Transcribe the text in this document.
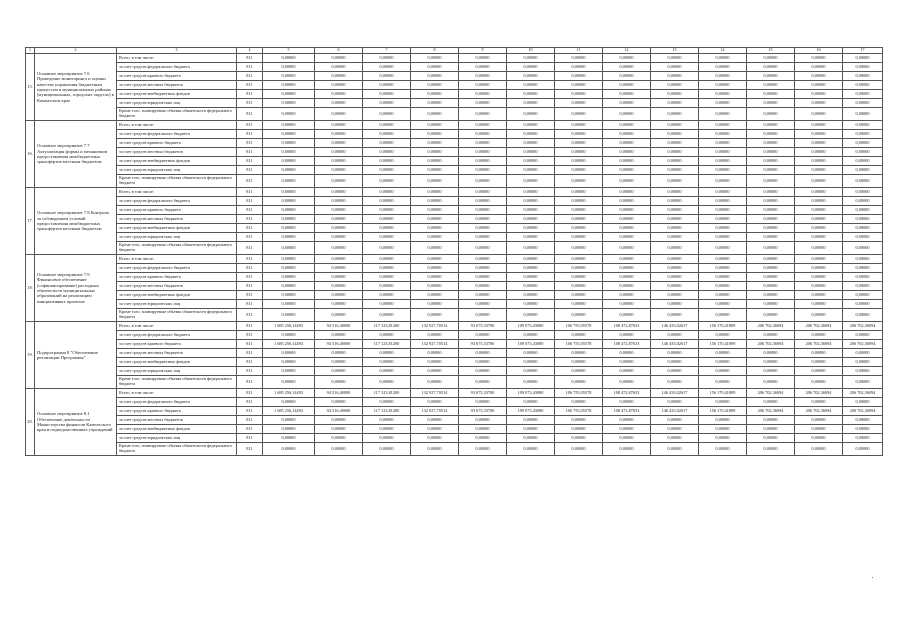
1	2	3	4	5	6	7	8	9	10	11	12	13	14	15	16	17
15.	Основное мероприятие 7.6 Проведение мониторинга и оценки качества управления бюджетным процессом в муниципальных районах (муниципальных, городских округах) в Камчатском крае	Всего, в том числе:	811	0,00000	0,00000	0,00000	0,00000	0,00000	0,00000	0,00000	0,00000	0,00000	0,00000	0,00000	0,00000	0,00000
		за счет средств федерального бюджета	811	0,00000	0,00000	0,00000	0,00000	0,00000	0,00000	0,00000	0,00000	0,00000	0,00000	0,00000	0,00000	0,00000
		за счет средств краевого бюджета	811	0,00000	0,00000	0,00000	0,00000	0,00000	0,00000	0,00000	0,00000	0,00000	0,00000	0,00000	0,00000	0,00000
		за счет средств местных бюджетов	811	0,00000	0,00000	0,00000	0,00000	0,00000	0,00000	0,00000	0,00000	0,00000	0,00000	0,00000	0,00000	0,00000
		за счет средств внебюджетных фондов	811	0,00000	0,00000	0,00000	0,00000	0,00000	0,00000	0,00000	0,00000	0,00000	0,00000	0,00000	0,00000	0,00000
		за счет средств юридических лиц	811	0,00000	0,00000	0,00000	0,00000	0,00000	0,00000	0,00000	0,00000	0,00000	0,00000	0,00000	0,00000	0,00000
		Кроме того, планируемые объемы обязательств федерального бюджета	811	0,00000	0,00000	0,00000	0,00000	0,00000	0,00000	0,00000	0,00000	0,00000	0,00000	0,00000	0,00000	0,00000
16.	Основное мероприятие 7.7 Актуализация формы и механизмов предоставления межбюджетных трансфертов местным бюджетам	Всего, в том числе:	811	0,00000	0,00000	0,00000	0,00000	0,00000	0,00000	0,00000	0,00000	0,00000	0,00000	0,00000	0,00000	0,00000
		за счет средств федерального бюджета	811	0,00000	0,00000	0,00000	0,00000	0,00000	0,00000	0,00000	0,00000	0,00000	0,00000	0,00000	0,00000	0,00000
		за счет средств краевого бюджета	811	0,00000	0,00000	0,00000	0,00000	0,00000	0,00000	0,00000	0,00000	0,00000	0,00000	0,00000	0,00000	0,00000
		за счет средств местных бюджетов	811	0,00000	0,00000	0,00000	0,00000	0,00000	0,00000	0,00000	0,00000	0,00000	0,00000	0,00000	0,00000	0,00000
		за счет средств внебюджетных фондов	811	0,00000	0,00000	0,00000	0,00000	0,00000	0,00000	0,00000	0,00000	0,00000	0,00000	0,00000	0,00000	0,00000
		за счет средств юридических лиц	811	0,00000	0,00000	0,00000	0,00000	0,00000	0,00000	0,00000	0,00000	0,00000	0,00000	0,00000	0,00000	0,00000
		Кроме того, планируемые объемы обязательств федерального бюджета	811	0,00000	0,00000	0,00000	0,00000	0,00000	0,00000	0,00000	0,00000	0,00000	0,00000	0,00000	0,00000	0,00000
17.	Основное мероприятие 7.8 Контроль за соблюдением условий предоставления межбюджетных трансфертов местным бюджетам	Всего, в том числе:	811	0,00000	0,00000	0,00000	0,00000	0,00000	0,00000	0,00000	0,00000	0,00000	0,00000	0,00000	0,00000	0,00000
		за счет средств федерального бюджета	811	0,00000	0,00000	0,00000	0,00000	0,00000	0,00000	0,00000	0,00000	0,00000	0,00000	0,00000	0,00000	0,00000
		за счет средств краевого бюджета	811	0,00000	0,00000	0,00000	0,00000	0,00000	0,00000	0,00000	0,00000	0,00000	0,00000	0,00000	0,00000	0,00000
		за счет средств местных бюджетов	811	0,00000	0,00000	0,00000	0,00000	0,00000	0,00000	0,00000	0,00000	0,00000	0,00000	0,00000	0,00000	0,00000
		за счет средств внебюджетных фондов	811	0,00000	0,00000	0,00000	0,00000	0,00000	0,00000	0,00000	0,00000	0,00000	0,00000	0,00000	0,00000	0,00000
		за счет средств юридических лиц	811	0,00000	0,00000	0,00000	0,00000	0,00000	0,00000	0,00000	0,00000	0,00000	0,00000	0,00000	0,00000	0,00000
		Кроме того, планируемые объемы обязательств федерального бюджета	811	0,00000	0,00000	0,00000	0,00000	0,00000	0,00000	0,00000	0,00000	0,00000	0,00000	0,00000	0,00000	0,00000
18.	Основное мероприятие 7.9 Финансовое обеспечение (софинансирование) расходных обязательств муниципальных образований на реализацию инициативных проектов	Всего, в том числе:	811	0,00000	0,00000	0,00000	0,00000	0,00000	0,00000	0,00000	0,00000	0,00000	0,00000	0,00000	0,00000	0,00000
		за счет средств федерального бюджета	811	0,00000	0,00000	0,00000	0,00000	0,00000	0,00000	0,00000	0,00000	0,00000	0,00000	0,00000	0,00000	0,00000
		за счет средств краевого бюджета	811	0,00000	0,00000	0,00000	0,00000	0,00000	0,00000	0,00000	0,00000	0,00000	0,00000	0,00000	0,00000	0,00000
		за счет средств местных бюджетов	811	0,00000	0,00000	0,00000	0,00000	0,00000	0,00000	0,00000	0,00000	0,00000	0,00000	0,00000	0,00000	0,00000
		за счет средств внебюджетных фондов	811	0,00000	0,00000	0,00000	0,00000	0,00000	0,00000	0,00000	0,00000	0,00000	0,00000	0,00000	0,00000	0,00000
		за счет средств юридических лиц	811	0,00000	0,00000	0,00000	0,00000	0,00000	0,00000	0,00000	0,00000	0,00000	0,00000	0,00000	0,00000	0,00000
		Кроме того, планируемые объемы обязательств федерального бюджета	811	0,00000	0,00000	0,00000	0,00000	0,00000	0,00000	0,00000	0,00000	0,00000	0,00000	0,00000	0,00000	0,00000
19.	Подпрограмма 8 "Обеспечение реализации Программы"	Всего, в том числе:	811	1 685 256,14493	94 516,40000	117 123,81200	132 927,70514	93 675,33700	109 073,43080	106 755,05578	108 472,87633	146 433,02617	156 170,41889	206 702,36094	206 702,36094	206 702,36094
		за счет средств федерального бюджета	811	0,00000	0,00000	0,00000	0,00000	0,00000	0,00000	0,00000	0,00000	0,00000	0,00000	0,00000	0,00000	0,00000
		за счет средств краевого бюджета	811	1 685 256,14493	94 516,40000	117 123,81200	132 927,70514	93 675,33700	109 073,43080	106 755,05578	108 472,87633	146 433,02617	156 170,41889	206 702,36094	206 702,36094	206 702,36094
		за счет средств местных бюджетов	811	0,00000	0,00000	0,00000	0,00000	0,00000	0,00000	0,00000	0,00000	0,00000	0,00000	0,00000	0,00000	0,00000
		за счет средств внебюджетных фондов	811	0,00000	0,00000	0,00000	0,00000	0,00000	0,00000	0,00000	0,00000	0,00000	0,00000	0,00000	0,00000	0,00000
		за счет средств юридических лиц	811	0,00000	0,00000	0,00000	0,00000	0,00000	0,00000	0,00000	0,00000	0,00000	0,00000	0,00000	0,00000	0,00000
		Кроме того, планируемые объемы обязательств федерального бюджета	811	0,00000	0,00000	0,00000	0,00000	0,00000	0,00000	0,00000	0,00000	0,00000	0,00000	0,00000	0,00000	0,00000
20.	Основное мероприятие 8.1 Обеспечение деятельности Министерства финансов Камчатского края и подведомственных учреждений	Всего, в том числе:	811	1 685 256,14493	94 516,40000	117 123,81200	132 927,70514	93 675,33700	109 073,43080	106 755,05578	108 472,87633	146 433,02617	156 170,41889	206 702,36094	206 702,36094	206 702,36094
		за счет средств федерального бюджета	811	0,00000	0,00000	0,00000	0,00000	0,00000	0,00000	0,00000	0,00000	0,00000	0,00000	0,00000	0,00000	0,00000
		за счет средств краевого бюджета	811	1 685 256,14493	94 516,40000	117 123,81200	132 927,70514	93 675,33700	109 073,43080	106 755,05578	108 472,87633	146 433,02617	156 170,41889	206 702,36094	206 702,36094	206 702,36094
		за счет средств местных бюджетов	811	0,00000	0,00000	0,00000	0,00000	0,00000	0,00000	0,00000	0,00000	0,00000	0,00000	0,00000	0,00000	0,00000
		за счет средств внебюджетных фондов	811	0,00000	0,00000	0,00000	0,00000	0,00000	0,00000	0,00000	0,00000	0,00000	0,00000	0,00000	0,00000	0,00000
		за счет средств юридических лиц	811	0,00000	0,00000	0,00000	0,00000	0,00000	0,00000	0,00000	0,00000	0,00000	0,00000	0,00000	0,00000	0,00000
		Кроме того, планируемые объемы обязательств федерального бюджета	811	0,00000	0,00000	0,00000	0,00000	0,00000	0,00000	0,00000	0,00000	0,00000	0,00000	0,00000	0,00000	0,00000
•
